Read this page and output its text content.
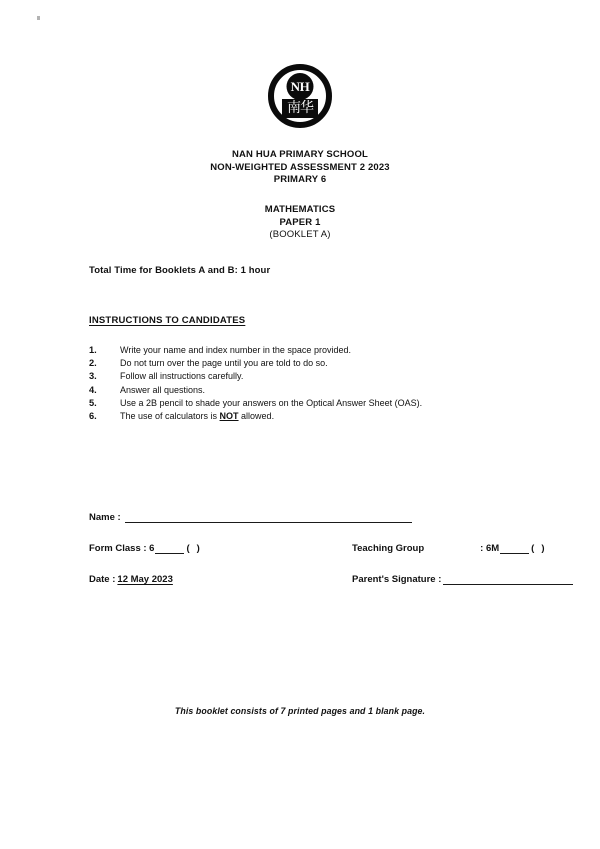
NH
南华
NAN HUA PRIMARY SCHOOL
NON-WEIGHTED ASSESSMENT 2 2023
PRIMARY 6
MATHEMATICS
PAPER 1
(BOOKLET A)
Total Time for Booklets A and B: 1 hour
INSTRUCTIONS TO CANDIDATES
1.	Write your name and index number in the space provided.
2.	Do not turn over the page until you are told to do so.
3.	Follow all instructions carefully.
4.	Answer all questions.
5.	Use a 2B pencil to shade your answers on the Optical Answer Sheet (OAS).
6.	The use of calculators is NOT allowed.
Name :
Form Class : 6	( )	Teaching Group	: 6M	( )
Date : 12 May 2023	Parent's Signature :
This booklet consists of 7 printed pages and 1 blank page.
